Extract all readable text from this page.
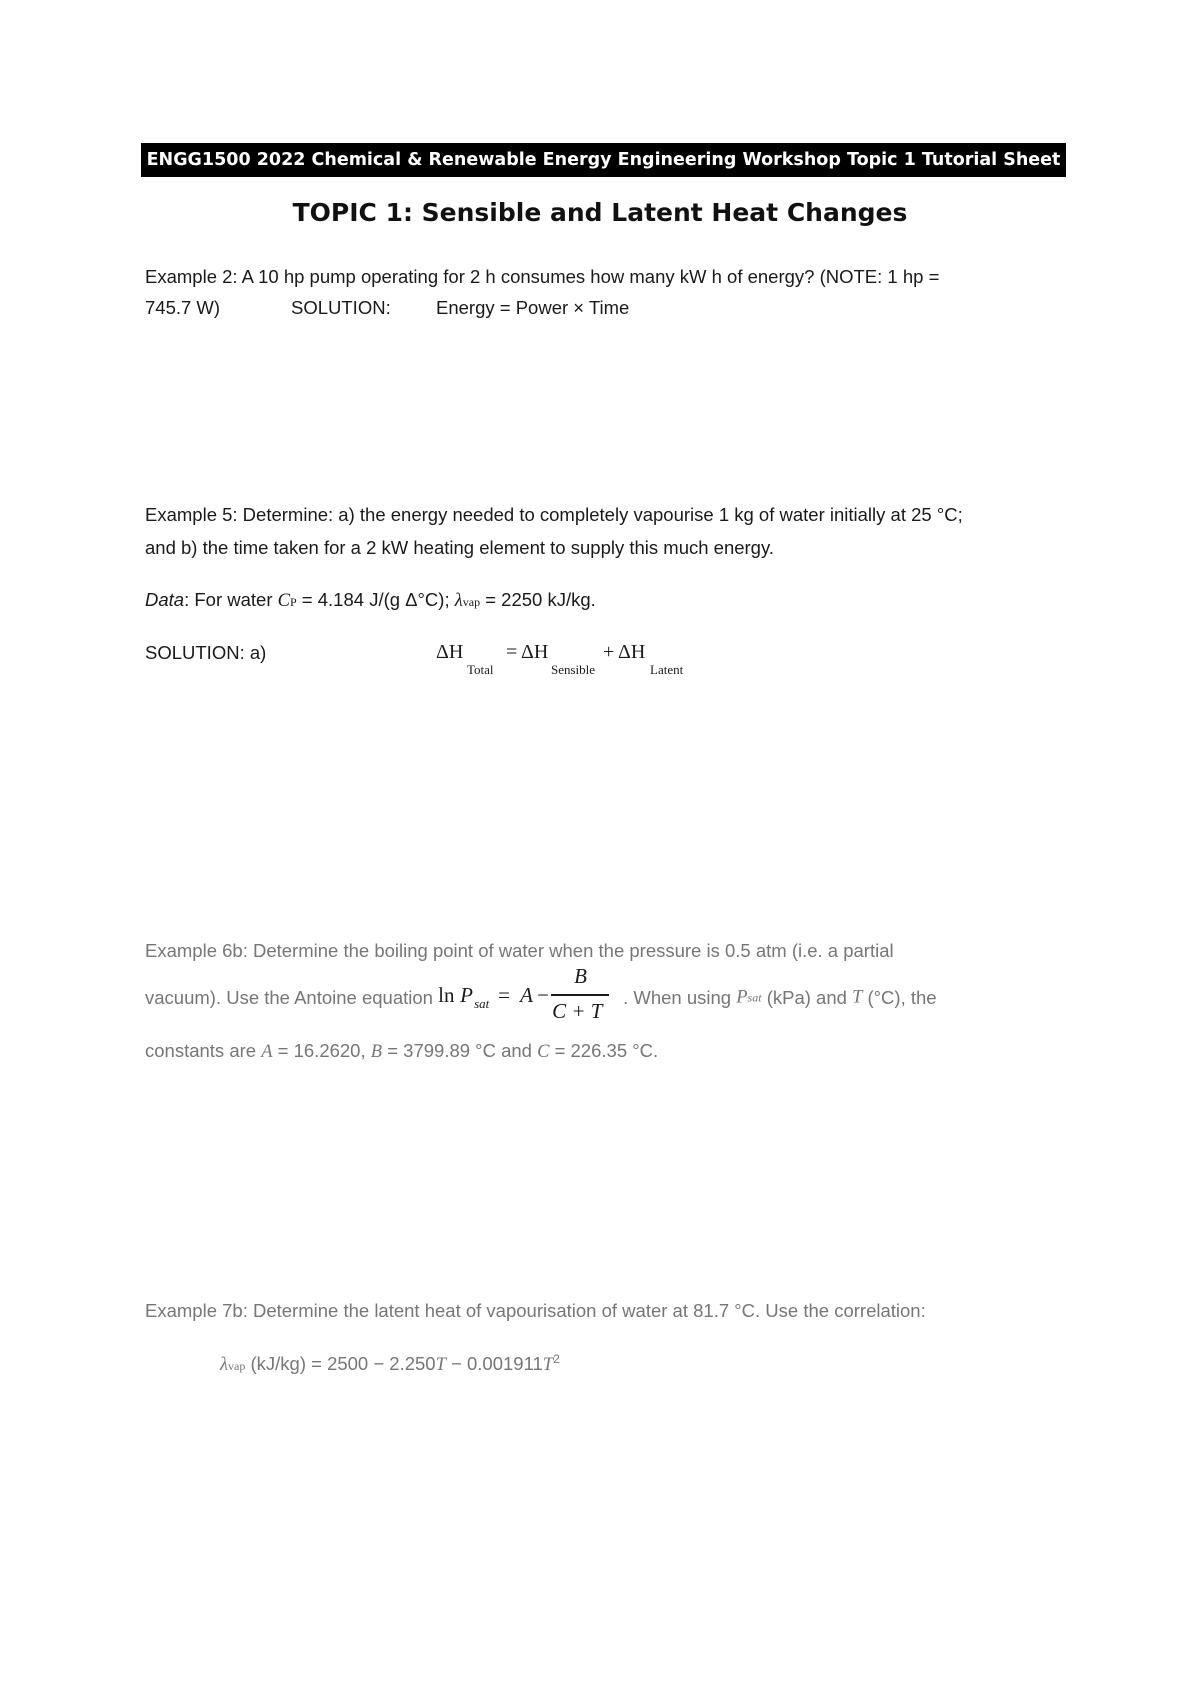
ENGG1500 2022 Chemical & Renewable Energy Engineering Workshop Topic 1 Tutorial Sheet
TOPIC 1: Sensible and Latent Heat Changes
Example 2: A 10 hp pump operating for 2 h consumes how many kW h of energy? (NOTE: 1 hp =
745.7 W)	SOLUTION: Energy = Power × Time
Example 5: Determine: a) the energy needed to completely vapourise 1 kg of water initially at 25 °C;
and b) the time taken for a 2 kW heating element to supply this much energy.
Data: For water CP = 4.184 J/(g Δ°C); λvap = 2250 kJ/kg.
SOLUTION: a)	ΔH
Total
= ΔH
Sensible
+ ΔH
Latent
Example 6b: Determine the boiling point of water when the pressure is 0.5 atm (i.e. a partial
vacuum). Use the Antoine equation ln P sat = A −
B
C + T
. When using Psat (kPa) and T (°C), the
constants are A = 16.2620, B = 3799.89 °C and C = 226.35 °C.
Example 7b: Determine the latent heat of vapourisation of water at 81.7 °C. Use the correlation:
λvap $(kJ/kg) = 2500 - 2.250T - 0.001911T^2$
